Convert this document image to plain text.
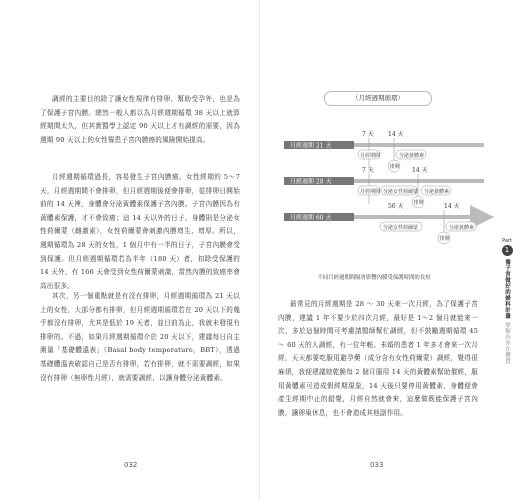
調經的主要目的除了讓女性規律有排卵、幫助受孕外，也是為了保護子宮內膜。總然一般人都以為月經週期循環 38 天以上就算經期間太久，但其實醫學上認定 90 天以上才有調經的需要，因為週期 90 天以上的女性罹患子宮內膜癌的風險開始提高。

月經週期循環過長，容易發生子宮內膜癌。女性經期約 5～7 天，月經週期間不會排卵，但月經週期後便會排卵，從排卵日開始前的 14 天裡，身體會分泌黃體素保護子宮內膜。子宮內膜因為有黃體素保護，才不會致癌；這 14 天以外的日子，身體則是分泌女性荷爾蒙（雌激素），女性荷爾蒙會刺激內膜增生、增厚。所以，週期循環為 28 天的女性，1 個月中有一半的日子，子宮內膜會受到保護。但月經週期循環若為半年（180 天）者，扣除受保護的 14 天外，有 166 天會受到女性荷爾蒙刺激，當然內膜的致癌率會高出很多。

其次，另一個重點就是有沒有排卵，月經週期循環為 21 天以上的女性，大部分都有排卵，但月經週期循環若在 20 天以下的幾乎都沒有排卵，尤其是低於 19 天者，並目前為止，我就未發現有排卵的。不過，如果月經週期循環介於 20 天以下，建議每日自主測量「基礎體溫表」（Basal body temperature，BBT），透過基礎體溫表確認自己是否有排卵，若有排卵，就不需要調經，如果沒有排卵（無卵性月經），就需要調經，以讓身體分泌黃體素。

032
（月經週期循環）
7 天 14 天
月經週期 21 天
月經期間	分泌黃體素
排卵
7 天	14 天
月經週期 28 天
月經期間 分泌女性荷爾蒙 分泌黃體素
排卵
56 天	14 天
月經週期 60 天
分泌女性荷爾蒙	分泌黃體素
排卵
不同月經週期間隔會影響內膜受保護時間的長短

最常見的月經週期是 28 ～ 30 天來一次月經，為了保護子宮內膜，建議 1 年不要少於四次月經，最好是 1～2 個月就能來一次，多於這個時間可考慮請醫師幫忙調經，但不鼓勵週期循環 45 ～ 60 天的人調經，有一位年輕、未婚的患者 1 年多才會來一次月經，天天都要吃服用避孕藥（成分含有女性荷爾蒙）調經，覺得很麻煩，我便建議她乾脆每 2 個月服用 14 天的黃體素幫助催經，服用黃體素可造成假經期現象，14 天後只要停用黃體素，身體便會產生經期中止的錯覺，月經自然就會來，這麼做既能保護子宮內膜，讓卵巢休息，也不會造成其他副作用。

033
Part
1
養子宮做好的婦科計畫
掌握內外在體質
